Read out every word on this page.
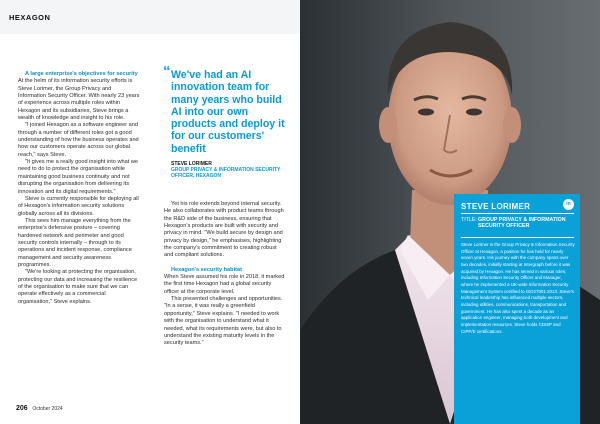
HEXAGON

A large enterprise's objectives for security

At the helm of its information security efforts is Steve Lorimer, the Group Privacy and Information Security Officer. With nearly 23 years of experience across multiple roles within Hexagon and its subsidiaries, Steve brings a wealth of knowledge and insight to his role.

"I joined Hexagon as a software engineer and through a number of different roles got a good understanding of how the business operates and how our customers operate across our global reach," says Steve.

"It gives me a really good insight into what we need to do to protect the organisation while maintaining good business continuity and not disrupting the organisation from delivering its innovation and its digital requirements."

Steve is currently responsible for deploying all of Hexagon's information security solutions globally across all its divisions.

This sees him manage everything from the enterprise's defensive posture – covering hardened network and perimeter and good security controls internally – through to its operations and incident response, compliance management and security awareness programmes.

"We're looking at protecting the organisation, protecting our data and increasing the resilience of the organisation to make sure that we can operate effectively as a commercial organisation," Steve explains.

“ We've had an AI innovation team for many years who build AI into our own products and deploy it for our customers' benefit

STEVE LORIMER
GROUP PRIVACY & INFORMATION SECURITY OFFICER, HEXAGON

Yet his role extends beyond internal security. He also collaborates with product teams through the R&D side of the business, ensuring that Hexagon's products are built with security and privacy in mind. "We build secure by design and privacy by design," he emphasises, highlighting the company's commitment to creating robust and compliant solutions.

Hexagon's security habitat

When Steve assumed his role in 2018, it marked the first time Hexagon had a global security officer at the corporate level.

This presented challenges and opportunities. "In a sense, it was really a greenfield opportunity," Steve explains. "I needed to work with the organisation to understand what it needed, what its requirements were, but also to understand the existing maturity levels in the security teams."

206 October 2024
STEVE LORIMER	in
TITLE: GROUP PRIVACY & INFORMATION SECURITY OFFICER
Steve Lorimer is the Group Privacy & Information Security Officer at Hexagon, a position he has held for nearly seven years. His journey with the company spans over two decades, initially starting at Intergraph before it was acquired by Hexagon. He has served in various roles, including Information Security Officer and Manager, where he implemented a UK-wide Information Security Management System certified to ISO27001:2013. Steve's technical leadership has influenced multiple sectors, including utilities, communications, transportation and government. He has also spent a decade as an application engineer, managing both development and implementation resources. Steve holds CISSP and CIPP/E certifications.
